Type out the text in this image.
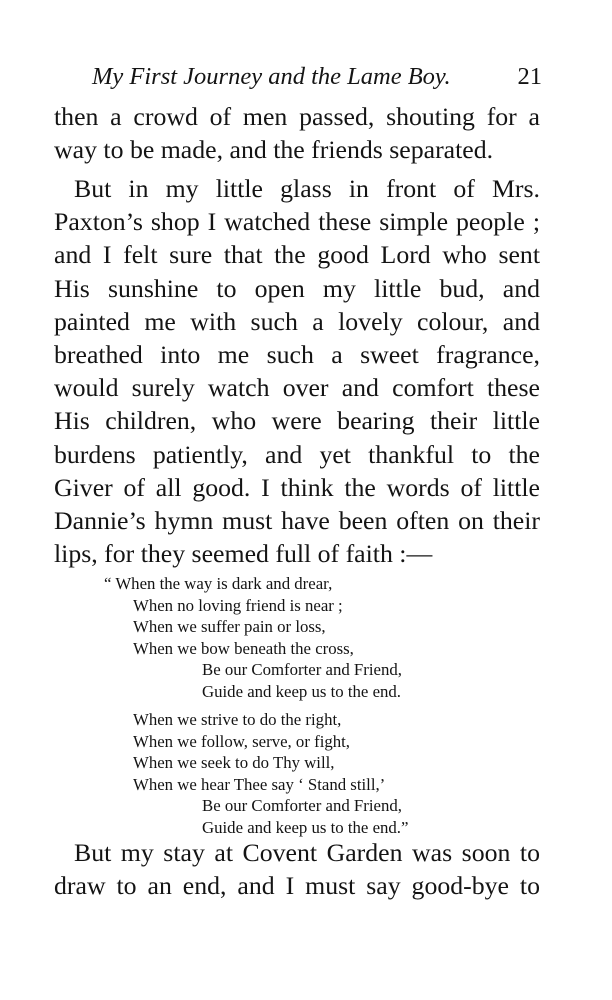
My First Journey and the Lame Boy.	21
then a crowd of men passed, shouting for a
way to be made, and the friends separated.
But in my little glass in front of Mrs.
Paxton’s shop I watched these simple people ;
and I felt sure that the good Lord who sent
His sunshine to open my little bud, and
painted me with such a lovely colour, and
breathed into me such a sweet fragrance,
would surely watch over and comfort these
His children, who were bearing their little
burdens patiently, and yet thankful to the
Giver of all good. I think the words of little
Dannie’s hymn must have been often on their
lips, for they seemed full of faith :—
“ When the way is dark and drear,
When no loving friend is near ;
When we suffer pain or loss,
When we bow beneath the cross,
Be our Comforter and Friend,
Guide and keep us to the end.
When we strive to do the right,
When we follow, serve, or fight,
When we seek to do Thy will,
When we hear Thee say ‘ Stand still,’
Be our Comforter and Friend,
Guide and keep us to the end.”
But my stay at Covent Garden was soon to
draw to an end, and I must say good-bye to
